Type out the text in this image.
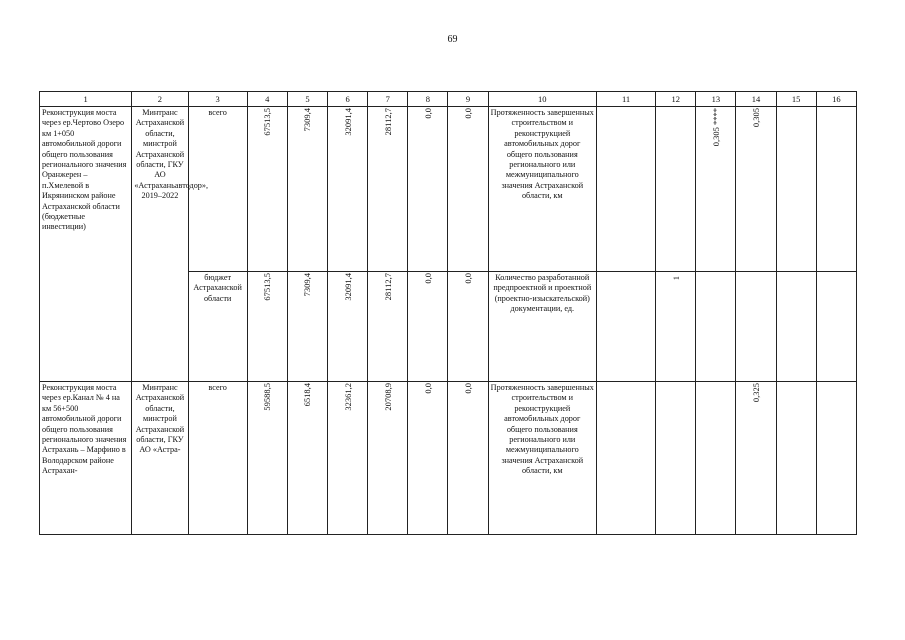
69
1	2	3	4	5	6	7	8	9	10	11	12	13	14	15	16
Реконструкция моста через ер.Чертово Озеро км 1+050 автомобильной дороги общего пользования регионального значения Оранжерен – п.Хмелевой в Икрянинском районе Астраханской области (бюджетные инвестиции)	Минтранс Астраханской области, минстрой Астраханской области, ГКУ АО «Астраханьавтодор», 2019–2022	всего	67513,5	7309,4	32091,4	28112,7	0,0	0,0	Протяженность завершенных строительством и реконструкцией автомобильных дорог общего пользования регионального или межмуниципального значения Астраханской области, км			0,305 ****	0,305		
		бюджет Астраханской области	67513,5	7309,4	32091,4	28112,7	0,0	0,0	Количество разработанной предпроектной и проектной (проектно-изыскательской) документации, ед.		1				

Реконструкция моста через ер.Канал № 4 на км 56+500 автомобильной дороги общего пользования регионального значения Астрахань – Марфино в Володарском районе Астрахан-	Минтранс Астраханской области, минстрой Астраханской области, ГКУ АО «Астра-	всего	59588,5	6518,4	32361,2	20708,9	0,0	0,0	Протяженность завершенных строительством и реконструкцией автомобильных дорог общего пользования регионального или межмуниципального значения Астраханской области, км				0,325		
